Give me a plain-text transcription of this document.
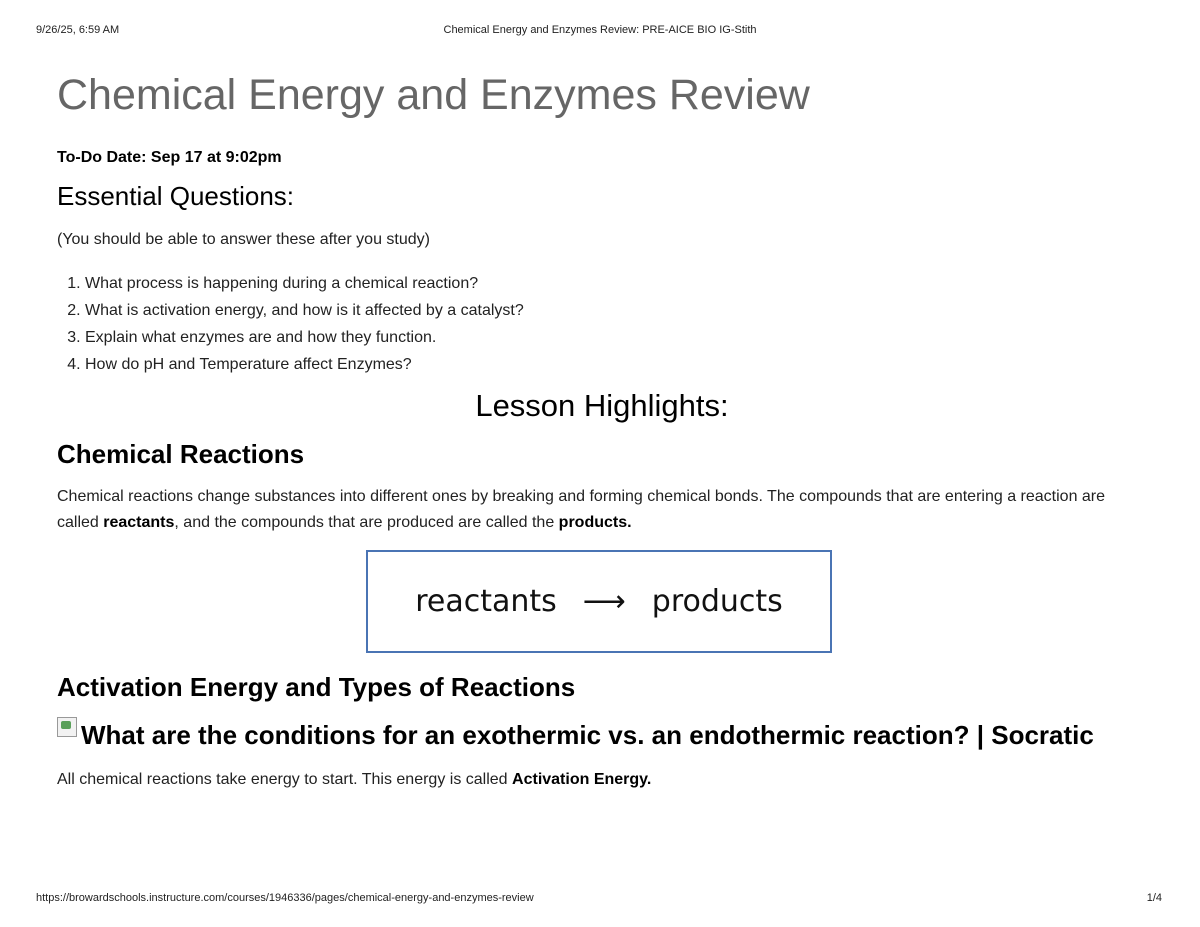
9/26/25, 6:59 AM	Chemical Energy and Enzymes Review: PRE-AICE BIO IG-Stith
Chemical Energy and Enzymes Review
To-Do Date: Sep 17 at 9:02pm
Essential Questions:
(You should be able to answer these after you study)
1. What process is happening during a chemical reaction?
2. What is activation energy, and how is it affected by a catalyst?
3. Explain what enzymes are and how they function.
4. How do pH and Temperature affect Enzymes?
Lesson Highlights:
Chemical Reactions

Chemical reactions change substances into different ones by breaking and forming chemical bonds. The compounds that are entering a reaction are called reactants, and the compounds that are produced are called the products.

reactants ⟶ products
Activation Energy and Types of Reactions
What are the conditions for an exothermic vs. an endothermic reaction? | Socratic

All chemical reactions take energy to start. This energy is called Activation Energy.

https://browardschools.instructure.com/courses/1946336/pages/chemical-energy-and-enzymes-review	1/4
